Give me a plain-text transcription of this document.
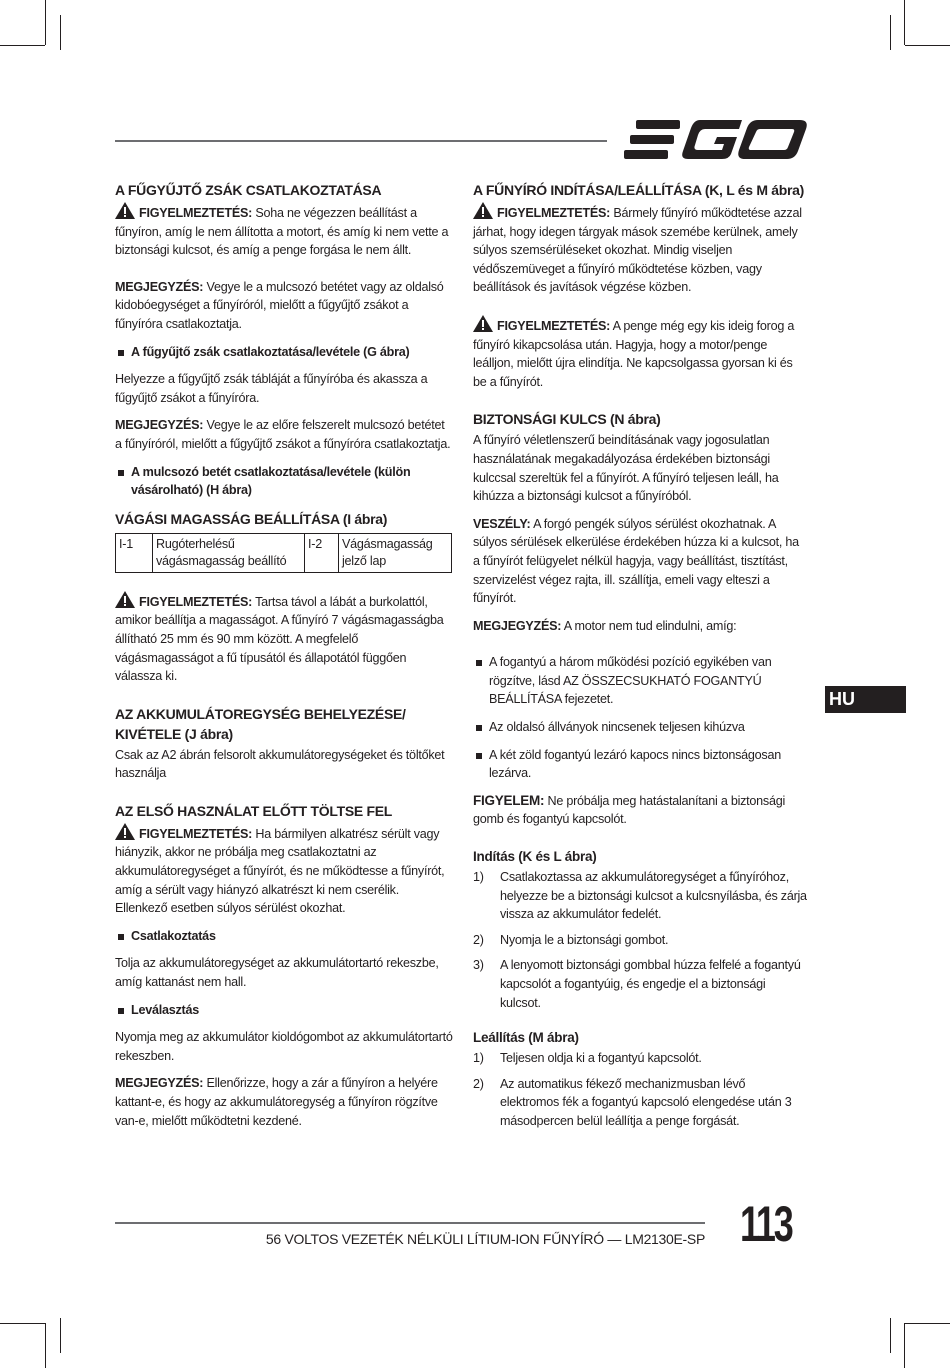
A FŰGYŰJTŐ ZSÁK CSATLAKOZTATÁSA

FIGYELMEZTETÉS: Soha ne végezzen beállítást a fűnyíron, amíg le nem állította a motort, és amíg ki nem vette a biztonsági kulcsot, és amíg a penge forgása le nem állt.

MEGJEGYZÉS: Vegye le a mulcsozó betétet vagy az oldalsó kidobóegységet a fűnyíróról, mielőtt a fűgyűjtő zsákot a fűnyíróra csatlakoztatja.

A fűgyűjtő zsák csatlakoztatása/levétele (G ábra)

Helyezze a fűgyűjtő zsák tábláját a fűnyíróba és akassza a fűgyűjtő zsákot a fűnyíróra.

MEGJEGYZÉS: Vegye le az előre felszerelt mulcsozó betétet a fűnyíróról, mielőtt a fűgyűjtő zsákot a fűnyíróra csatlakoztatja.

A mulcsozó betét csatlakoztatása/levétele (külön vásárolható) (H ábra)
VÁGÁSI MAGASSÁG BEÁLLÍTÁSA (I ábra)
I-1	Rugóterhelésű vágásmagasság beállító	I-2	Vágásmagasság jelző lap

FIGYELMEZTETÉS: Tartsa távol a lábát a burkolattól, amikor beállítja a magasságot. A fűnyíró 7 vágásmagasságba állítható 25 mm és 90 mm között. A megfelelő vágásmagasságot a fű típusától és állapotától függően válassza ki.

AZ AKKUMULÁTOREGYSÉG BEHELYEZÉSE/ KIVÉTELE (J ábra)

Csak az A2 ábrán felsorolt akkumulátoregységeket és töltőket használja

AZ ELSŐ HASZNÁLAT ELŐTT TÖLTSE FEL

FIGYELMEZTETÉS: Ha bármilyen alkatrész sérült vagy hiányzik, akkor ne próbálja meg csatlakoztatni az akkumulátoregységet a fűnyírót, és ne működtesse a fűnyírót, amíg a sérült vagy hiányzó alkatrészt ki nem cserélik. Ellenkező esetben súlyos sérülést okozhat.

Csatlakoztatás

Tolja az akkumulátoregységet az akkumulátortartó rekeszbe, amíg kattanást nem hall.

Leválasztás

Nyomja meg az akkumulátor kioldógombot az akkumulátortartó rekeszben.

MEGJEGYZÉS: Ellenőrizze, hogy a zár a fűnyíron a helyére kattant-e, és hogy az akkumulátoregység a fűnyíron rögzítve van-e, mielőtt működtetni kezdené.

A FŰNYÍRÓ INDÍTÁSA/LEÁLLÍTÁSA (K, L és M ábra)

FIGYELMEZTETÉS: Bármely fűnyíró működtetése azzal járhat, hogy idegen tárgyak mások szemébe kerülnek, amely súlyos szemsérüléseket okozhat. Mindig viseljen védőszemüveget a fűnyíró működtetése közben, vagy beállítások és javítások végzése közben.

FIGYELMEZTETÉS: A penge még egy kis ideig forog a fűnyíró kikapcsolása után. Hagyja, hogy a motor/penge leálljon, mielőtt újra elindítja. Ne kapcsolgassa gyorsan ki és be a fűnyírót.

BIZTONSÁGI KULCS (N ábra)

A fűnyíró véletlenszerű beindításának vagy jogosulatlan használatának megakadályozása érdekében biztonsági kulccsal szereltük fel a fűnyírót. A fűnyíró teljesen leáll, ha kihúzza a biztonsági kulcsot a fűnyíróból.

VESZÉLY: A forgó pengék súlyos sérülést okozhatnak. A súlyos sérülések elkerülése érdekében húzza ki a kulcsot, ha a fűnyírót felügyelet nélkül hagyja, vagy beállítást, tisztítást, szervizelést végez rajta, ill. szállítja, emeli vagy elteszi a fűnyírót.

MEGJEGYZÉS: A motor nem tud elindulni, amíg:

A fogantyú a három működési pozíció egyikében van rögzítve, lásd AZ ÖSSZECSUKHATÓ FOGANTYÚ BEÁLLÍTÁSA fejezetet.
Az oldalsó állványok nincsenek teljesen kihúzva
A két zöld fogantyú lezáró kapocs nincs biztonságosan lezárva.

FIGYELEM: Ne próbálja meg hatástalanítani a biztonsági gomb és fogantyú kapcsolót.

Indítás (K és L ábra)
1)	Csatlakoztassa az akkumulátoregységet a fűnyíróhoz, helyezze be a biztonsági kulcsot a kulcsnyílásba, és zárja vissza az akkumulátor fedelét.
2)	Nyomja le a biztonsági gombot.
3)	A lenyomott biztonsági gombbal húzza felfelé a fogantyú kapcsolót a fogantyúig, és engedje el a biztonsági kulcsot.
Leállítás (M ábra)
1)	Teljesen oldja ki a fogantyú kapcsolót.
2)	Az automatikus fékező mechanizmusban lévő elektromos fék a fogantyú kapcsoló elengedése után 3 másodpercen belül leállítja a penge forgását.
HU
56 VOLTOS VEZETÉK NÉLKÜLI LÍTIUM-ION FŰNYÍRÓ — LM2130E-SP 113
